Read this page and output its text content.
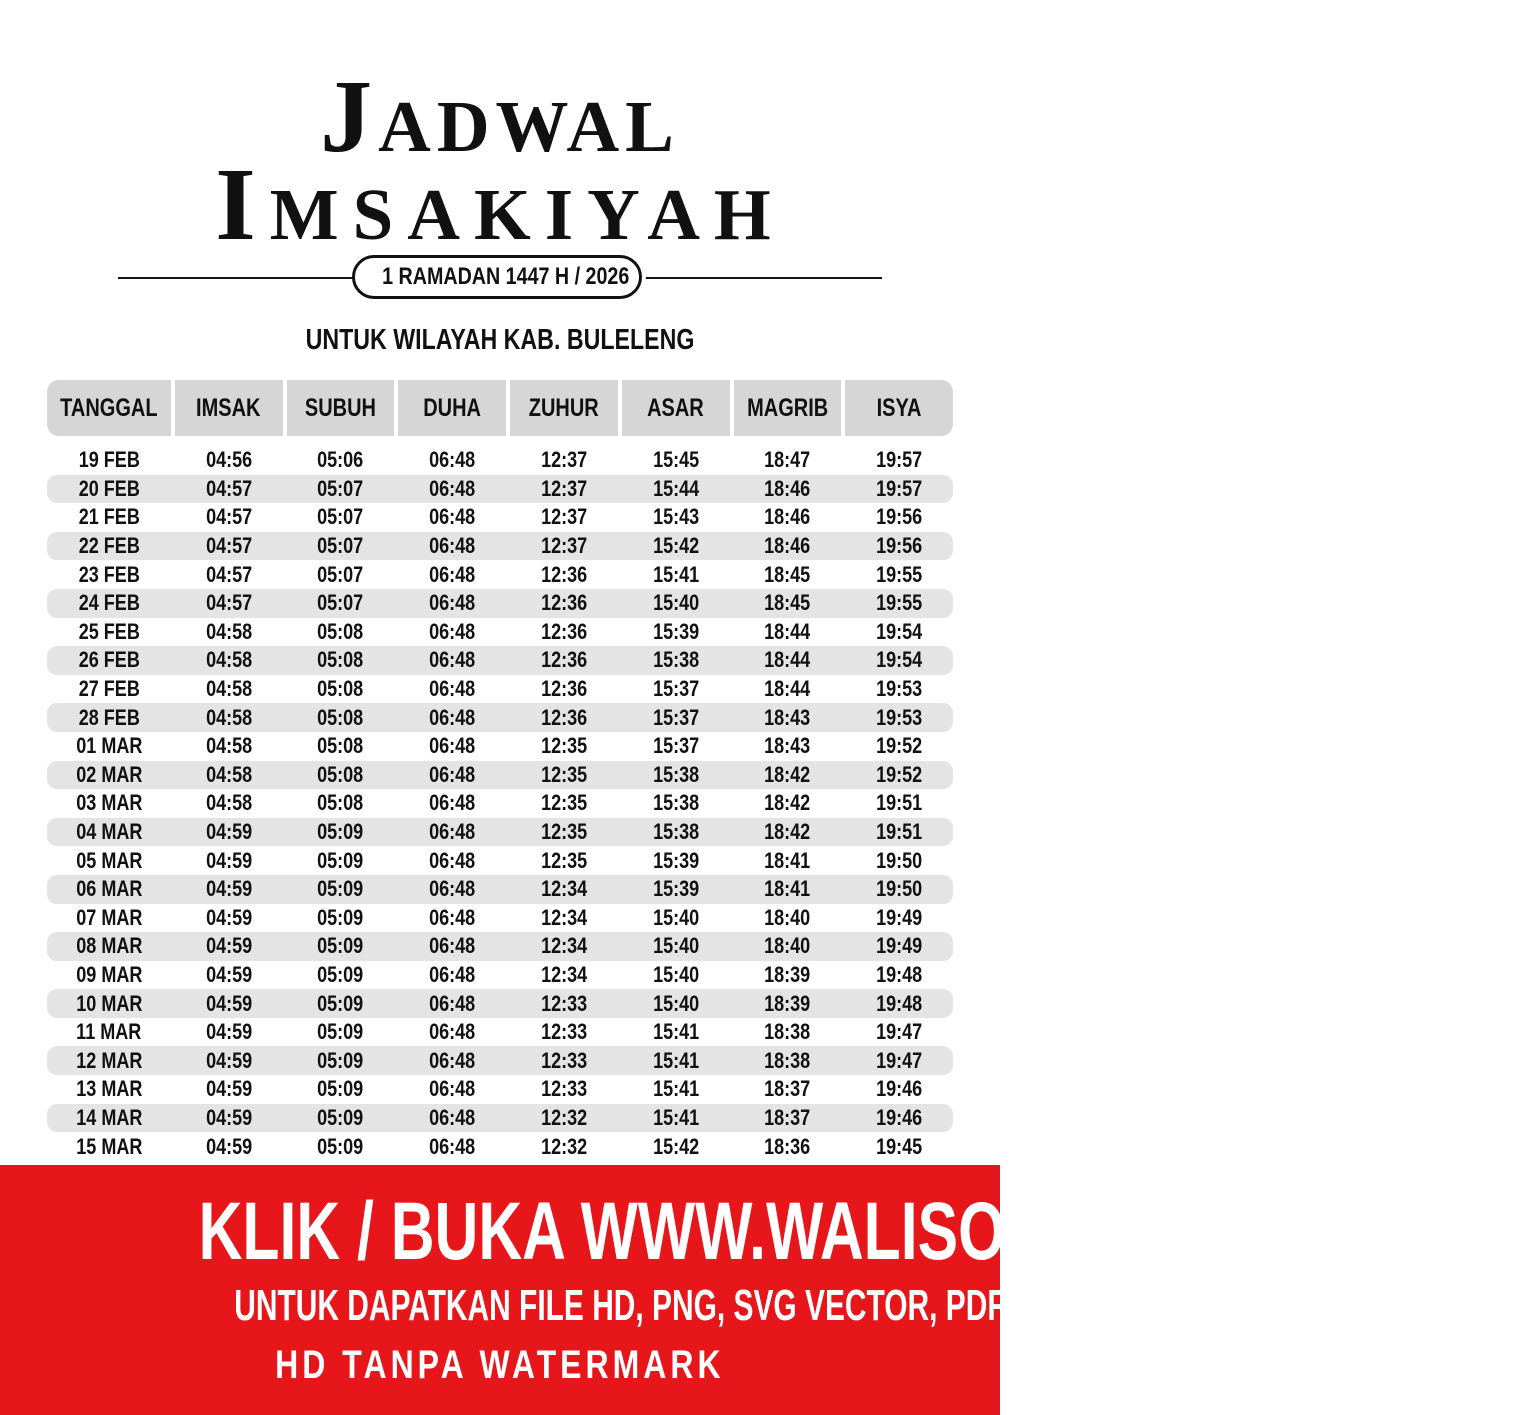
Jadwal
Imsakiyah
1 RAMADAN 1447 H / 2026
UNTUK WILAYAH KAB. BULELENG
TANGGAL IMSAK SUBUH DUHA ZUHUR ASAR MAGRIB ISYA
19 FEB	04:56	05:06	06:48	12:37	15:45	18:47	19:57
20 FEB	04:57	05:07	06:48	12:37	15:44	18:46	19:57
21 FEB	04:57	05:07	06:48	12:37	15:43	18:46	19:56
22 FEB	04:57	05:07	06:48	12:37	15:42	18:46	19:56
23 FEB	04:57	05:07	06:48	12:36	15:41	18:45	19:55
24 FEB	04:57	05:07	06:48	12:36	15:40	18:45	19:55
25 FEB	04:58	05:08	06:48	12:36	15:39	18:44	19:54
26 FEB	04:58	05:08	06:48	12:36	15:38	18:44	19:54
27 FEB	04:58	05:08	06:48	12:36	15:37	18:44	19:53
28 FEB	04:58	05:08	06:48	12:36	15:37	18:43	19:53
01 MAR	04:58	05:08	06:48	12:35	15:37	18:43	19:52
02 MAR	04:58	05:08	06:48	12:35	15:38	18:42	19:52
03 MAR	04:58	05:08	06:48	12:35	15:38	18:42	19:51
04 MAR	04:59	05:09	06:48	12:35	15:38	18:42	19:51
05 MAR	04:59	05:09	06:48	12:35	15:39	18:41	19:50
06 MAR	04:59	05:09	06:48	12:34	15:39	18:41	19:50
07 MAR	04:59	05:09	06:48	12:34	15:40	18:40	19:49
08 MAR	04:59	05:09	06:48	12:34	15:40	18:40	19:49
09 MAR	04:59	05:09	06:48	12:34	15:40	18:39	19:48
10 MAR	04:59	05:09	06:48	12:33	15:40	18:39	19:48
11 MAR	04:59	05:09	06:48	12:33	15:41	18:38	19:47
12 MAR	04:59	05:09	06:48	12:33	15:41	18:38	19:47
13 MAR	04:59	05:09	06:48	12:33	15:41	18:37	19:46
14 MAR	04:59	05:09	06:48	12:32	15:41	18:37	19:46
15 MAR	04:59	05:09	06:48	12:32	15:42	18:36	19:45
KLIK / BUKA WWW.WALISONGO.CO.ID
UNTUK DAPATKAN FILE HD, PNG, SVG VECTOR, PDF, WORD, EXCEL
HD TANPA WATERMARK
